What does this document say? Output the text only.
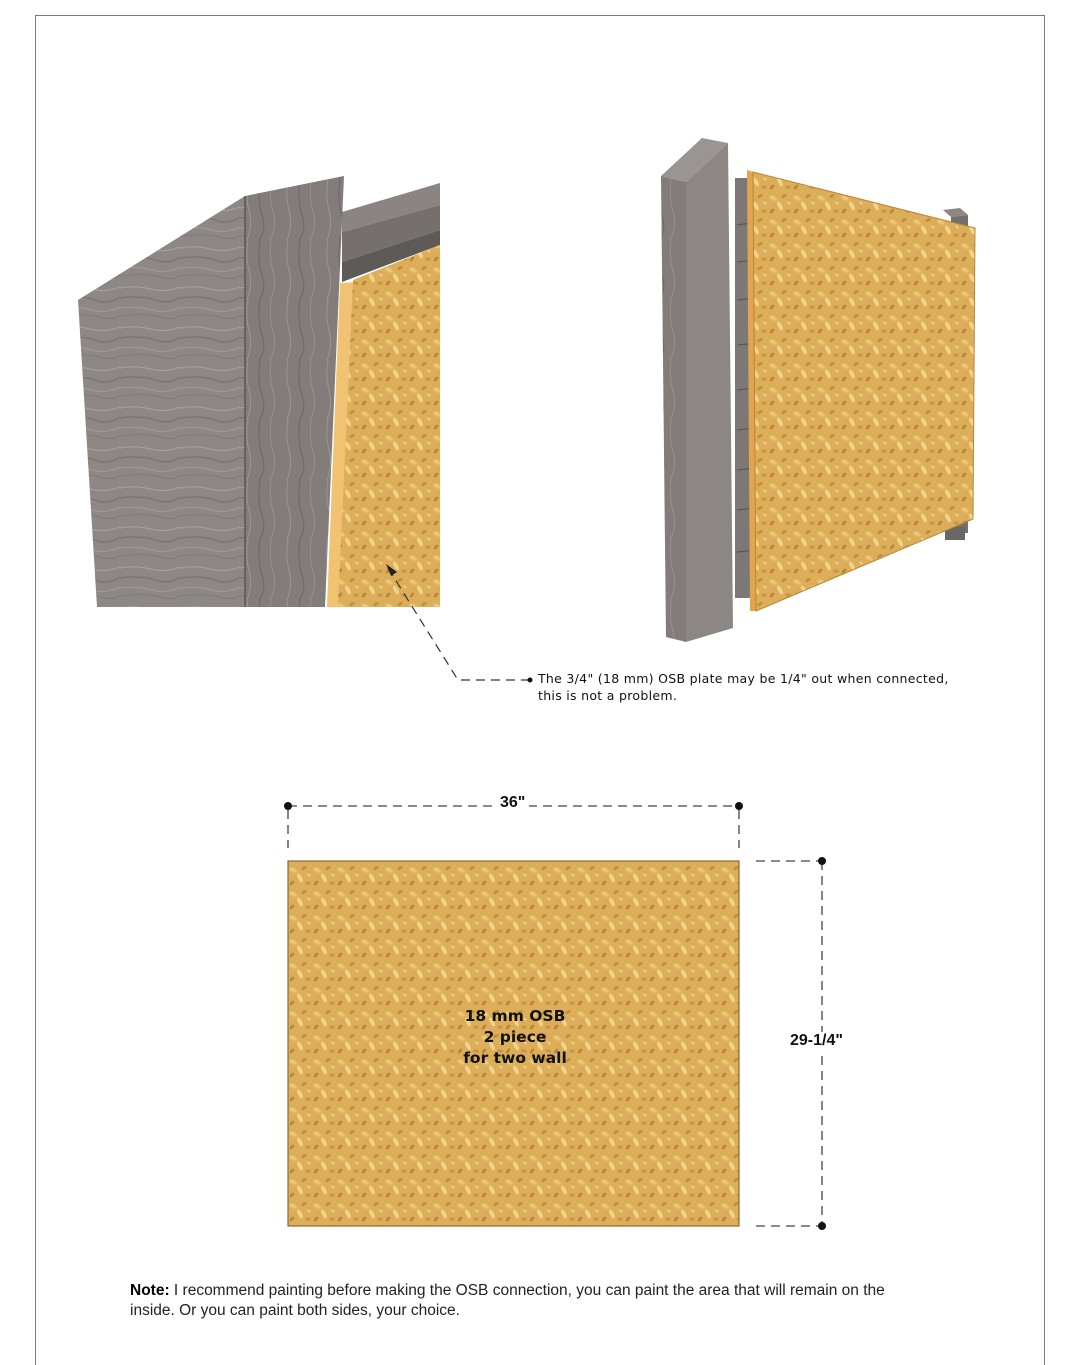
The 3/4" (18 mm) OSB plate may be 1/4" out when connected,
this is not a problem.
36"
29-1/4"
18 mm OSB
2 piece
for two wall
Note: I recommend painting before making the OSB connection, you can paint the area that will remain on the inside. Or you can paint both sides, your choice.
